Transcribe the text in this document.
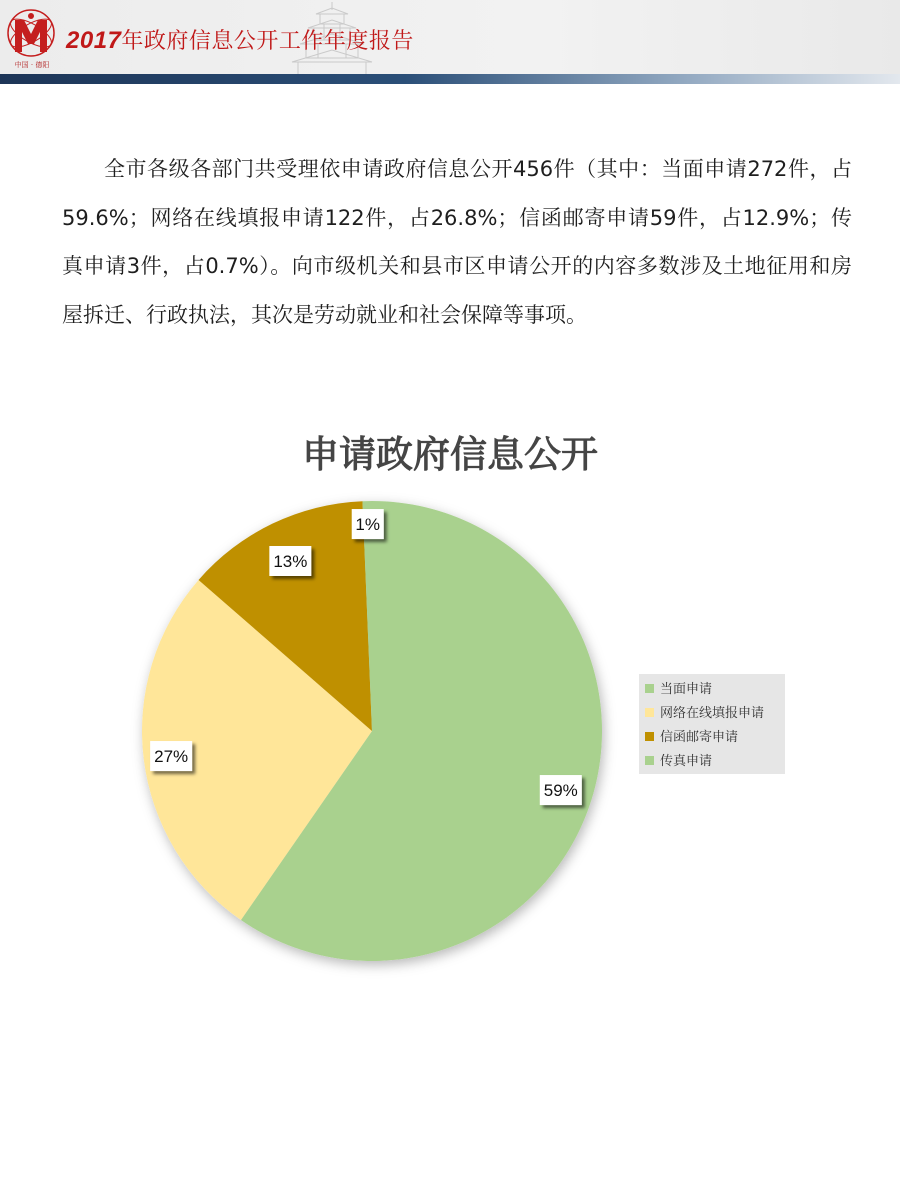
中国 · 德阳
2017年政府信息公开工作年度报告
全市各级各部门共受理依申请政府信息公开456件（其中：当面申请272件，占59.6%；网络在线填报申请122件，占26.8%；信函邮寄申请59件，占12.9%；传真申请3件，占0.7%）。向市级机关和县市区申请公开的内容多数涉及土地征用和房屋拆迁、行政执法，其次是劳动就业和社会保障等事项。
申请政府信息公开
59%
27%
13%
1%
当面申请
网络在线填报申请
信函邮寄申请
传真申请
